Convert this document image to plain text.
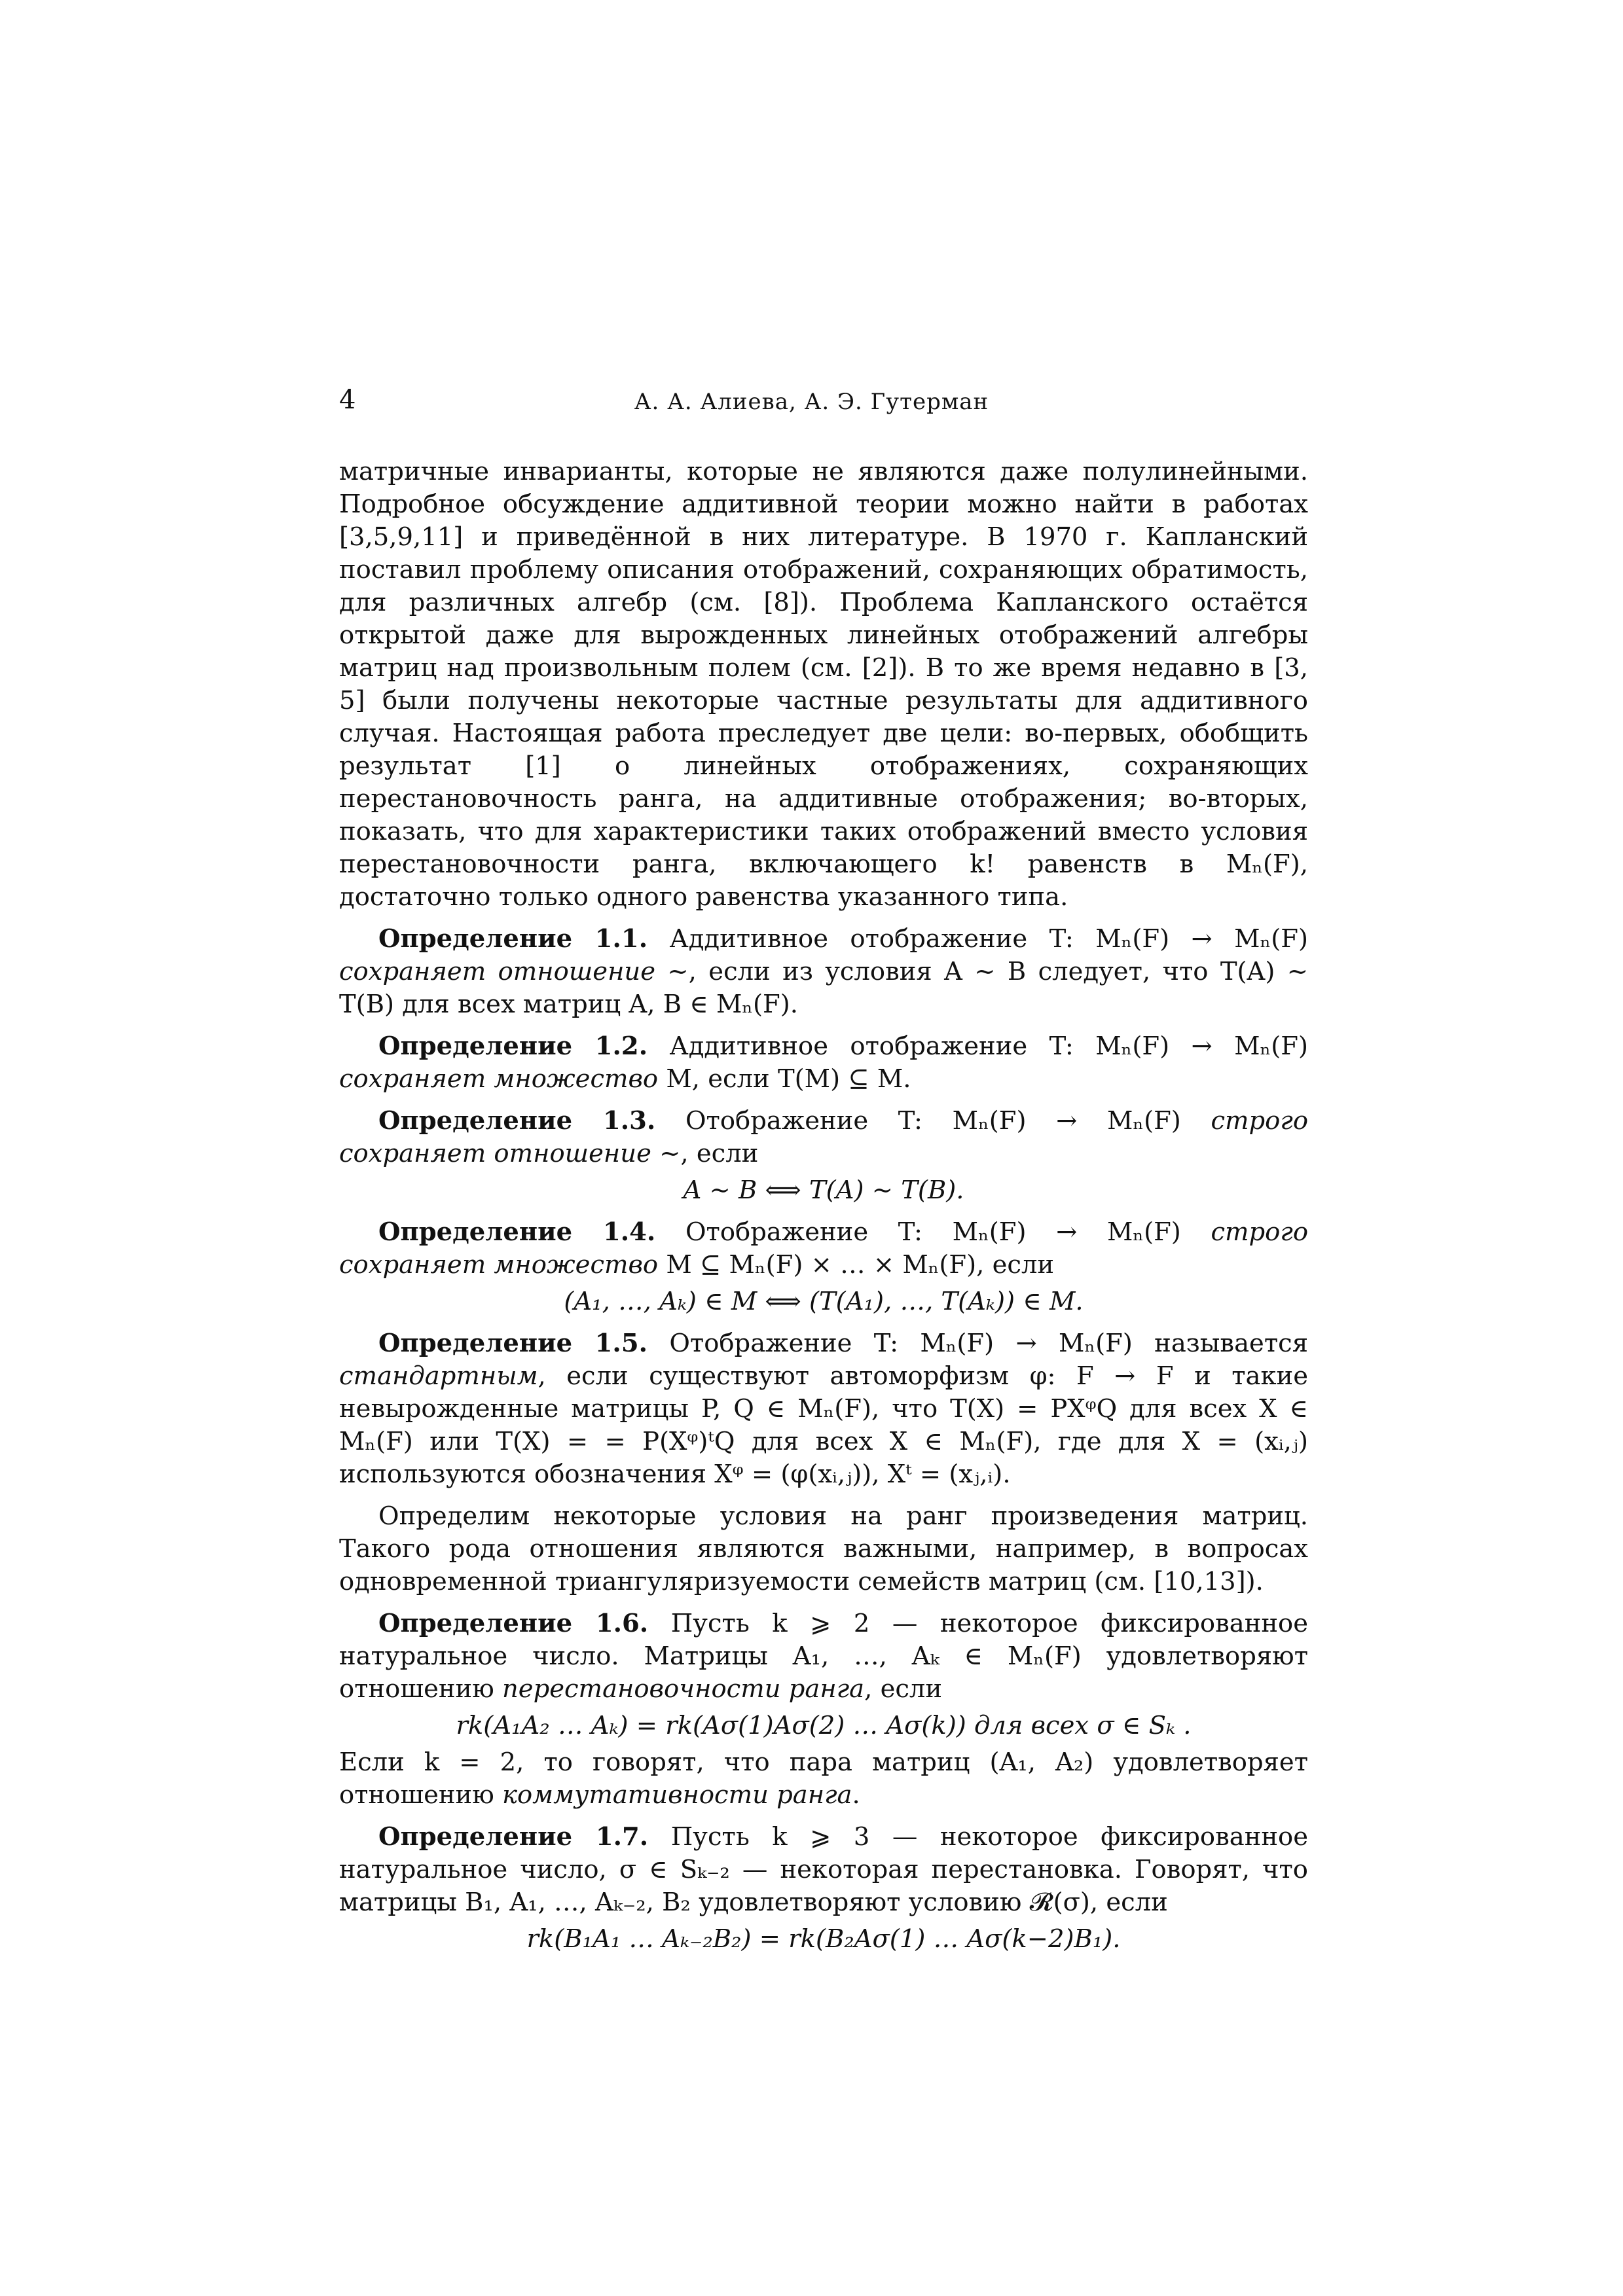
4	А. А. Алиева, А. Э. Гутерман

матричные инварианты, которые не являются даже полулинейными. Подробное обсуждение аддитивной теории можно найти в работах [3,5,9,11] и приведённой в них литературе. В 1970 г. Капланский поставил проблему описания отображений, сохраняющих обратимость, для различных алгебр (см. [8]). Проблема Капланского остаётся открытой даже для вырожденных линейных отображений алгебры матриц над произвольным полем (см. [2]). В то же время недавно в [3, 5] были получены некоторые частные результаты для аддитивного случая. Настоящая работа преследует две цели: во-первых, обобщить результат [1] о линейных отображениях, сохраняющих перестановочность ранга, на аддитивные отображения; во-вторых, показать, что для характеристики таких отображений вместо условия перестановочности ранга, включающего k! равенств в Mₙ(F), достаточно только одного равенства указанного типа.

Определение 1.1. Аддитивное отображение T: Mₙ(F) → Mₙ(F) сохраняет отношение ∼, если из условия A ∼ B следует, что T(A) ∼ T(B) для всех матриц A, B ∈ Mₙ(F).

Определение 1.2. Аддитивное отображение T: Mₙ(F) → Mₙ(F) сохраняет множество M, если T(M) ⊆ M.

Определение 1.3. Отображение T: Mₙ(F) → Mₙ(F) строго сохраняет отношение ∼, если

A ∼ B ⟺ T(A) ∼ T(B).

Определение 1.4. Отображение T: Mₙ(F) → Mₙ(F) строго сохраняет множество M ⊆ Mₙ(F) × … × Mₙ(F), если

(A₁, …, Aₖ) ∈ M ⟺ (T(A₁), …, T(Aₖ)) ∈ M.

Определение 1.5. Отображение T: Mₙ(F) → Mₙ(F) называется стандартным, если существуют автоморфизм φ: F → F и такие невырожденные матрицы P, Q ∈ Mₙ(F), что T(X) = PXᵠQ для всех X ∈ Mₙ(F) или T(X) = = P(Xᵠ)ᵗQ для всех X ∈ Mₙ(F), где для X = (xᵢ,ⱼ) используются обозначения Xᵠ = (φ(xᵢ,ⱼ)), Xᵗ = (xⱼ,ᵢ).

Определим некоторые условия на ранг произведения матриц. Такого рода отношения являются важными, например, в вопросах одновременной триангуляризуемости семейств матриц (см. [10,13]).

Определение 1.6. Пусть k ⩾ 2 — некоторое фиксированное натуральное число. Матрицы A₁, …, Aₖ ∈ Mₙ(F) удовлетворяют отношению перестановочности ранга, если

rk(A₁A₂ … Aₖ) = rk(Aσ(1)Aσ(2) … Aσ(k)) для всех σ ∈ Sₖ .

Если k = 2, то говорят, что пара матриц (A₁, A₂) удовлетворяет отношению коммутативности ранга.

Определение 1.7. Пусть k ⩾ 3 — некоторое фиксированное натуральное число, σ ∈ Sₖ₋₂ — некоторая перестановка. Говорят, что матрицы B₁, A₁, …, Aₖ₋₂, B₂ удовлетворяют условию 𝓡(σ), если

rk(B₁A₁ … Aₖ₋₂B₂) = rk(B₂Aσ(1) … Aσ(k−2)B₁).
